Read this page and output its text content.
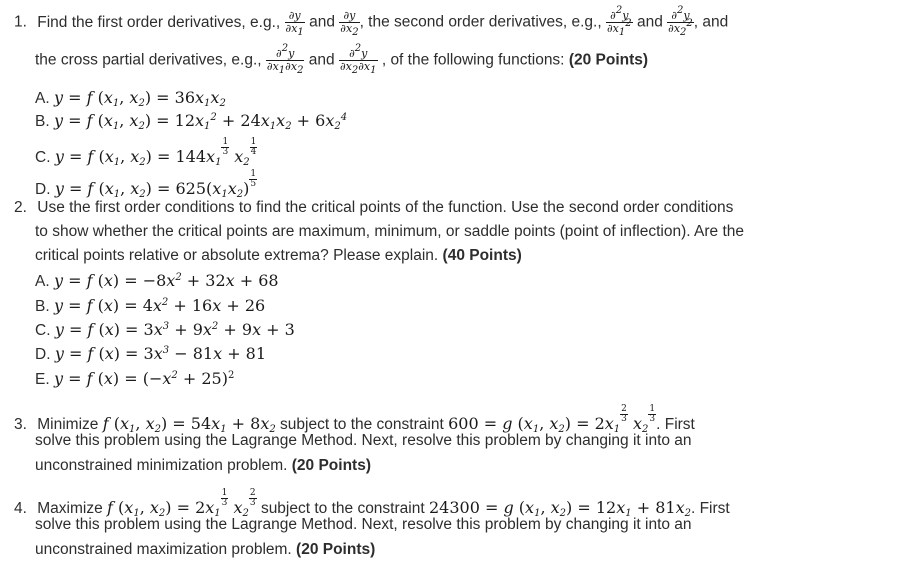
1. Find the first order derivatives, e.g., $\frac{\partial y}{\partial x_1}$ and $\frac{\partial y}{\partial x_2}$ , the second order derivatives, e.g., $\frac{\partial^2y}{\partial x_1^2}$ and $\frac{\partial^2y}{\partial x_2^2}$ , and
the cross partial derivatives, e.g., $\frac{\partial^2y}{\partial x_1\partial x_2}$ and $\frac{\partial^2y}{\partial x_2\partial x_1}$ , of the following functions: (20 Points)
A. y = f ($x_1$, $x_2) = 36x_1x_2$
B. y = f ($x_1$, $x_2) = 12x_1^2 + 24x_1x_2 + 6x_2^4$
C. y = f ($x_1$, $x_2) = 144x_1$
$\frac{1}{3} x_2$
$\frac{1}{4}$
D. y = f ($x_1$, $x_2) = 625(x_1x_2) \frac{1}{5}$
2. Use the first order conditions to find the critical points of the function. Use the second order conditions
to show whether the critical points are maximum, minimum, or saddle points (point of inflection). Are the
critical points relative or absolute extrema? Please explain. (40 Points)
A. y = f $(x) = -8x^2 + 32x + 68$
B. y = f $(x) = 4x^2 + 16x + 26$
C. y = f $(x) = 3x^3 + 9x^2 + 9x + 3$
D. y = f $(x) = 3x^3 - 81x + 81$
E. y = f $(x) = (-x^2 + 25)^2$
3. Minimize f ($x_1$, $x_2) = 54x_1 + 8x_2$ subject to the constraint 600 = g ($x_1$, $x_2) = 2x_1$
$\frac{2}{3} x_2$
$\frac{1}{3}$
. First
solve this problem using the Lagrange Method. Next, resolve this problem by changing it into an
unconstrained minimization problem. (20 Points)
4. Maximize f ($x_1$, $x_2) = 2x_1$
$\frac{1}{3} x_2$
$\frac{2}{3}$
subject to the constraint 24300 = g ($x_1$, $x_2) = 12x_1 + 81x_2$. First
solve this problem using the Lagrange Method. Next, resolve this problem by changing it into an
unconstrained maximization problem. (20 Points)
